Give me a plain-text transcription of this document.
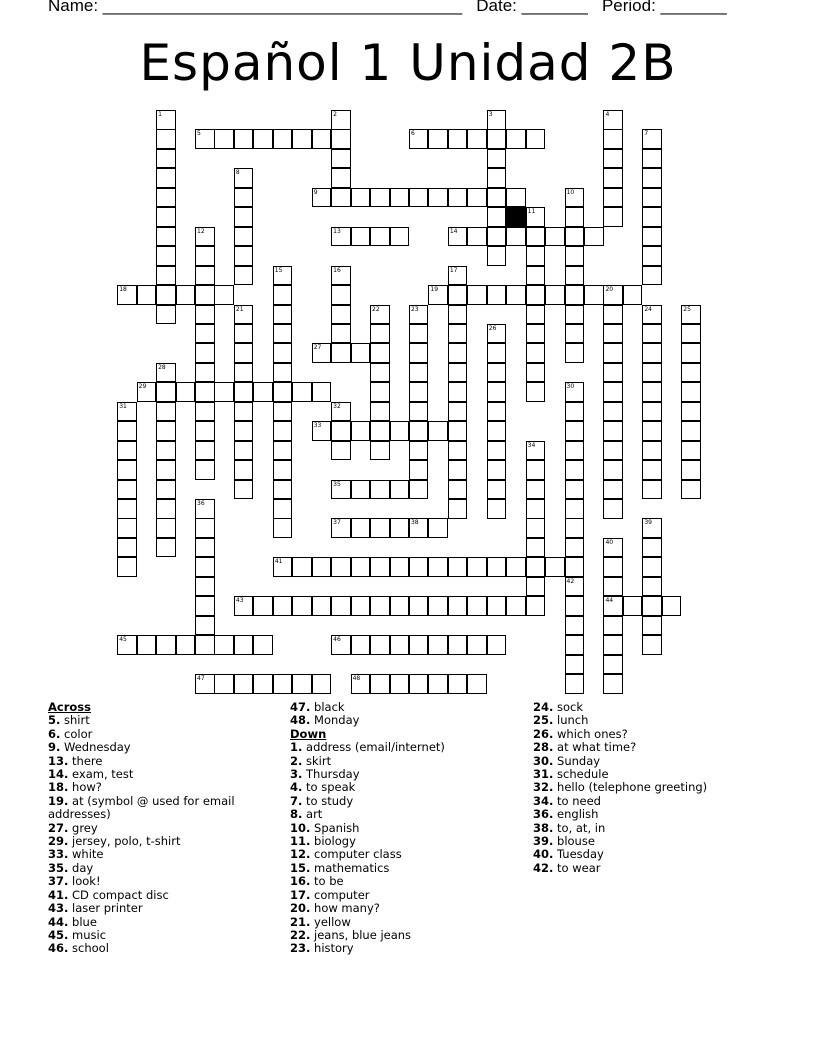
Name: ______________________________________   Date: _______   Period: _______
Español 1 Unidad 2B
1	2	3	4
5	6	7
8
9	10
11
12	13	14
15	16	17
18	19	20
21	22	23	24	25
26
27
28
29	30
42
31	32
33
34
35
36
37	38	39
40
44
41
43
45	46
47	48
Across
5. shirt
6. color
9. Wednesday
13. there
14. exam, test
18. how?
19. at (symbol @ used for email addresses)
27. grey
29. jersey, polo, t-shirt
33. white
35. day
37. look!
41. CD compact disc
43. laser printer
44. blue
45. music
46. school
47. black
48. Monday
Down
1. address (email/internet)
2. skirt
3. Thursday
4. to speak
7. to study
8. art
10. Spanish
11. biology
12. computer class
15. mathematics
16. to be
17. computer
20. how many?
21. yellow
22. jeans, blue jeans
23. history
24. sock
25. lunch
26. which ones?
28. at what time?
30. Sunday
31. schedule
32. hello (telephone greeting)
34. to need
36. english
38. to, at, in
39. blouse
40. Tuesday
42. to wear
